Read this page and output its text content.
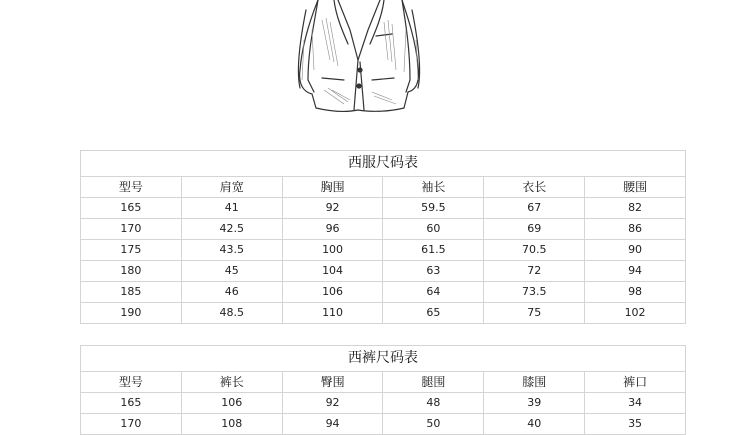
西服尺码表					
型号	肩宽	胸围	袖长	衣长	腰围
165	41	92	59.5	67	82
170	42.5	96	60	69	86
175	43.5	100	61.5	70.5	90
180	45	104	63	72	94
185	46	106	64	73.5	98
190	48.5	110	65	75	102
西裤尺码表					
型号	裤长	臀围	腿围	膝围	裤口
165	106	92	48	39	34
170	108	94	50	40	35
